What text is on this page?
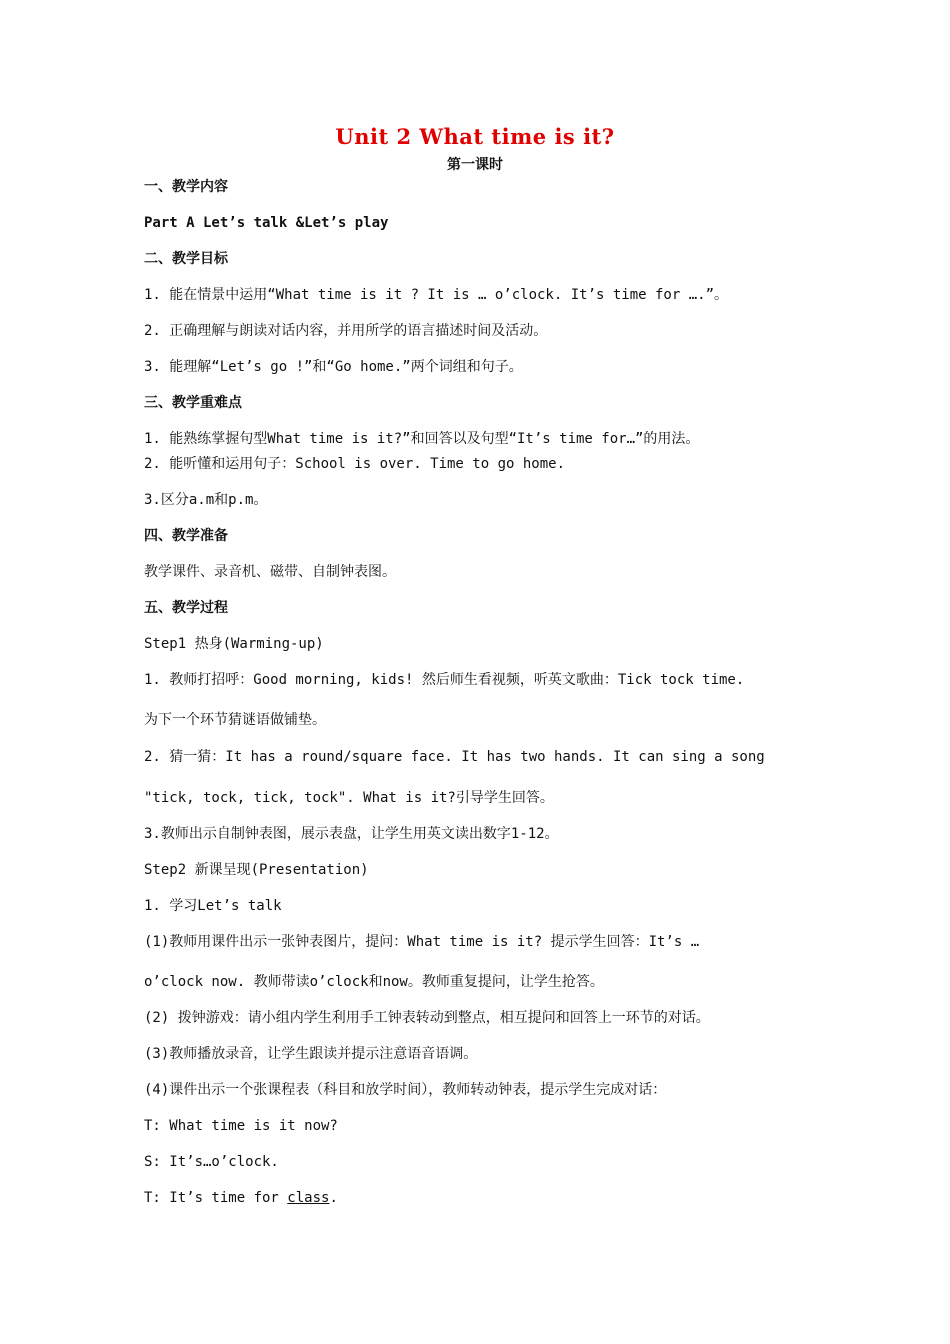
Unit 2 What time is it?
第一课时
一、教学内容
Part A Let’s talk &Let’s play
二、教学目标
1. 能在情景中运用“What time is it ? It is … o’clock. It’s time for ….”。
2. 正确理解与朗读对话内容，并用所学的语言描述时间及活动。
3. 能理解“Let’s go !”和“Go home.”两个词组和句子。
三、教学重难点
1. 能熟练掌握句型What time is it?”和回答以及句型“It’s time for…”的用法。
2. 能听懂和运用句子：School is over. Time to go home.
3.区分a.m和p.m。
四、教学准备
教学课件、录音机、磁带、自制钟表图。
五、教学过程
Step1 热身(Warming-up)
1. 教师打招呼：Good morning, kids! 然后师生看视频，听英文歌曲：Tick tock time.
为下一个环节猜谜语做铺垫。
2. 猜一猜：It has a round/square face. It has two hands. It can sing a song
"tick, tock, tick, tock". What is it?引导学生回答。
3.教师出示自制钟表图，展示表盘，让学生用英文读出数字1-12。
Step2 新课呈现(Presentation)
1. 学习Let’s talk
(1)教师用课件出示一张钟表图片，提问：What time is it? 提示学生回答：It’s …
o’clock now. 教师带读o’clock和now。教师重复提问，让学生抢答。
(2) 拨钟游戏：请小组内学生利用手工钟表转动到整点，相互提问和回答上一环节的对话。
(3)教师播放录音，让学生跟读并提示注意语音语调。
(4)课件出示一个张课程表（科目和放学时间），教师转动钟表，提示学生完成对话：
T: What time is it now?
S: It’s…o’clock.
T: It’s time for class.
